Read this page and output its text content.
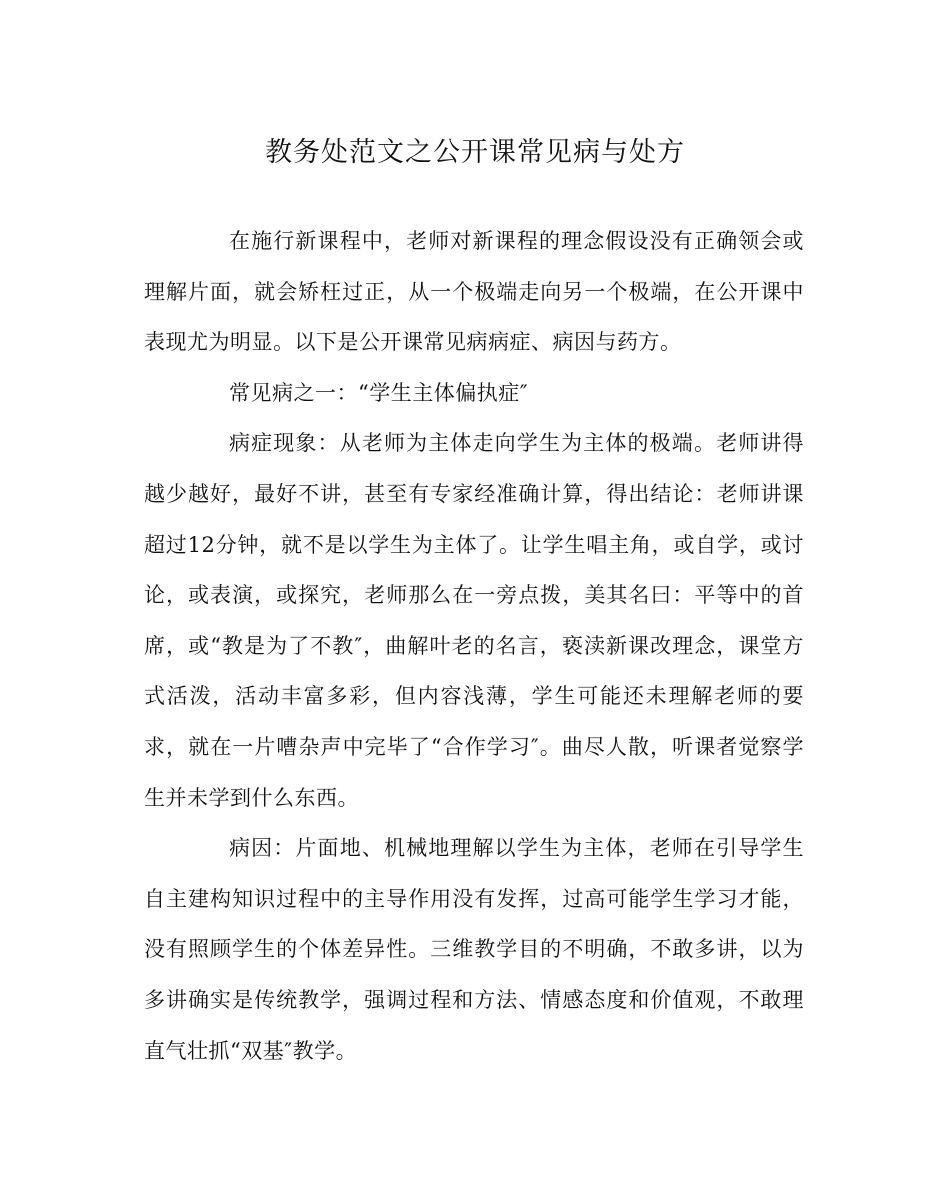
教务处范文之公开课常见病与处方

在施行新课程中，老师对新课程的理念假设没有正确领会或理解片面，就会矫枉过正，从一个极端走向另一个极端，在公开课中表现尤为明显。以下是公开课常见病病症、病因与药方。

常见病之一：“学生主体偏执症″

病症现象：从老师为主体走向学生为主体的极端。老师讲得越少越好，最好不讲，甚至有专家经准确计算，得出结论：老师讲课超过12分钟，就不是以学生为主体了。让学生唱主角，或自学，或讨论，或表演，或探究，老师那么在一旁点拨，美其名曰：平等中的首席，或“教是为了不教″，曲解叶老的名言，亵渎新课改理念，课堂方式活泼，活动丰富多彩，但内容浅薄，学生可能还未理解老师的要求，就在一片嘈杂声中完毕了“合作学习″。曲尽人散，听课者觉察学生并未学到什么东西。

病因：片面地、机械地理解以学生为主体，老师在引导学生自主建构知识过程中的主导作用没有发挥，过高可能学生学习才能，没有照顾学生的个体差异性。三维教学目的不明确，不敢多讲，以为多讲确实是传统教学，强调过程和方法、情感态度和价值观，不敢理直气壮抓“双基″教学。
